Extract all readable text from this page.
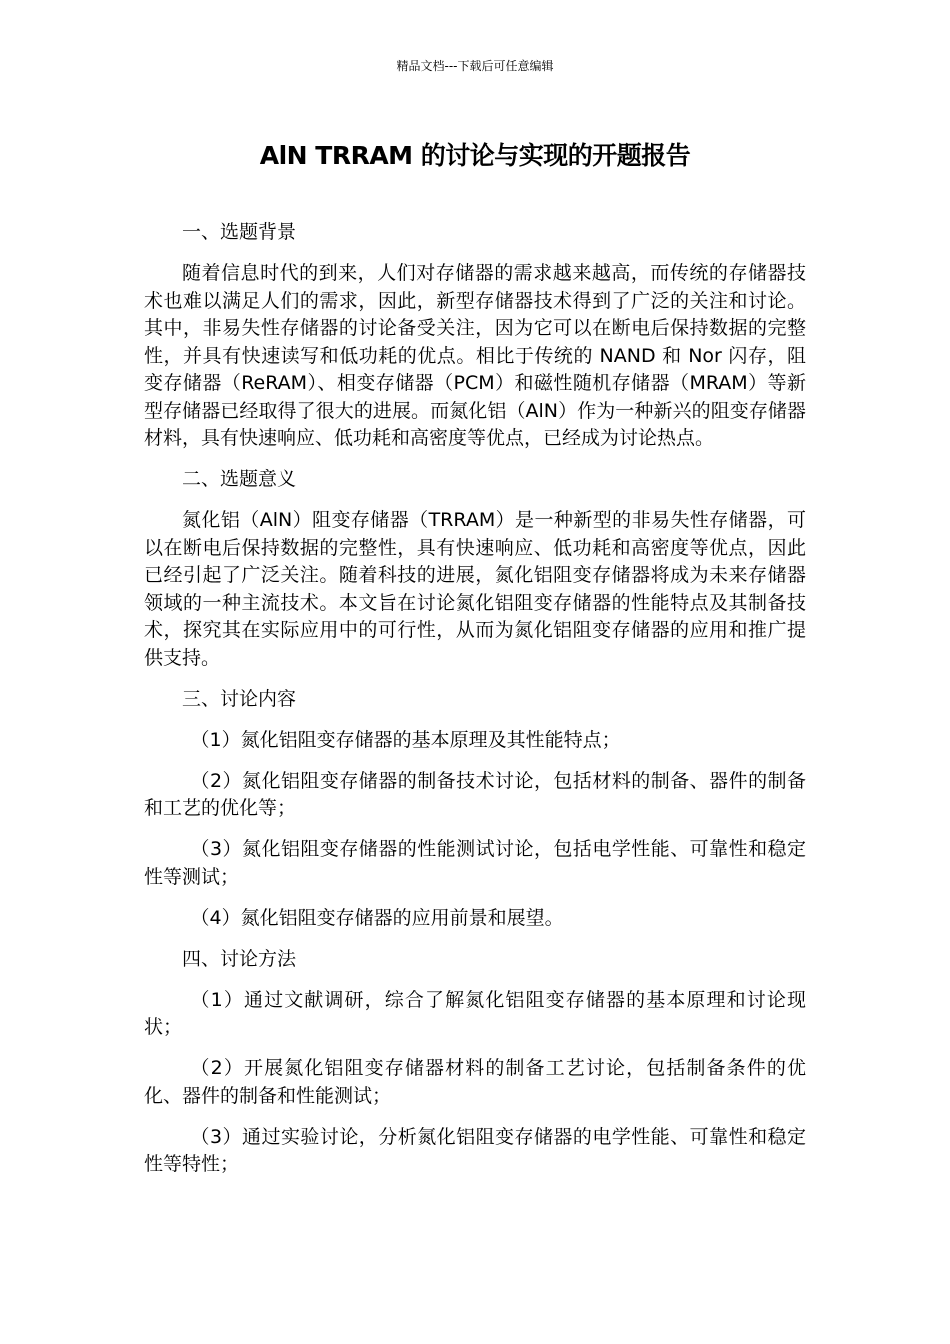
精品文档---下载后可任意编辑
AlN TRRAM 的讨论与实现的开题报告

一、选题背景

随着信息时代的到来，人们对存储器的需求越来越高，而传统的存储器技术也难以满足人们的需求，因此，新型存储器技术得到了广泛的关注和讨论。其中，非易失性存储器的讨论备受关注，因为它可以在断电后保持数据的完整性，并具有快速读写和低功耗的优点。相比于传统的 NAND 和 Nor 闪存，阻变存储器（ReRAM）、相变存储器（PCM）和磁性随机存储器（MRAM）等新型存储器已经取得了很大的进展。而氮化铝（AlN）作为一种新兴的阻变存储器材料，具有快速响应、低功耗和高密度等优点，已经成为讨论热点。

二、选题意义

氮化铝（AlN）阻变存储器（TRRAM）是一种新型的非易失性存储器，可以在断电后保持数据的完整性，具有快速响应、低功耗和高密度等优点，因此已经引起了广泛关注。随着科技的进展，氮化铝阻变存储器将成为未来存储器领域的一种主流技术。本文旨在讨论氮化铝阻变存储器的性能特点及其制备技术，探究其在实际应用中的可行性，从而为氮化铝阻变存储器的应用和推广提供支持。

三、讨论内容

（1）氮化铝阻变存储器的基本原理及其性能特点；

（2）氮化铝阻变存储器的制备技术讨论，包括材料的制备、器件的制备和工艺的优化等；

（3）氮化铝阻变存储器的性能测试讨论，包括电学性能、可靠性和稳定性等测试；

（4）氮化铝阻变存储器的应用前景和展望。

四、讨论方法

（1）通过文献调研，综合了解氮化铝阻变存储器的基本原理和讨论现状；

（2）开展氮化铝阻变存储器材料的制备工艺讨论，包括制备条件的优化、器件的制备和性能测试；

（3）通过实验讨论，分析氮化铝阻变存储器的电学性能、可靠性和稳定性等特性；
